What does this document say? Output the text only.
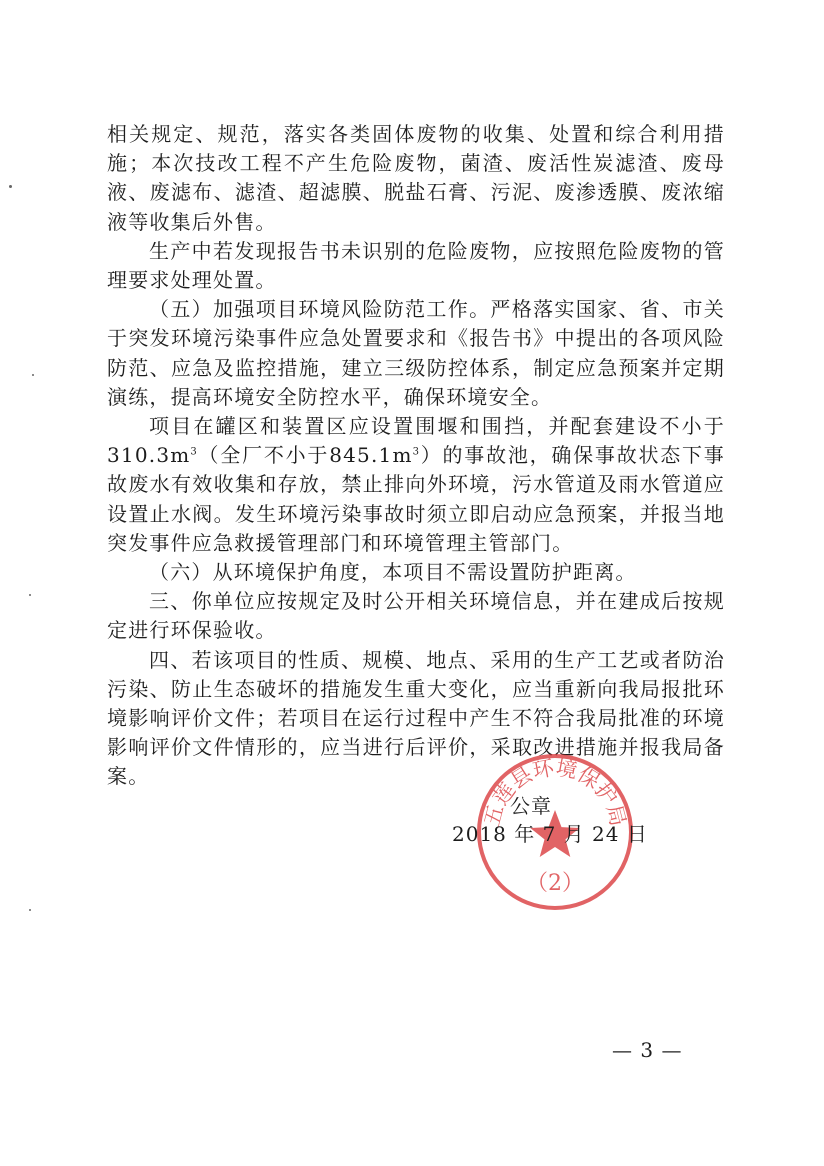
相关规定、规范，落实各类固体废物的收集、处置和综合利用措施；本次技改工程不产生危险废物，菌渣、废活性炭滤渣、废母液、废滤布、滤渣、超滤膜、脱盐石膏、污泥、废渗透膜、废浓缩液等收集后外售。

生产中若发现报告书未识别的危险废物，应按照危险废物的管理要求处理处置。

（五）加强项目环境风险防范工作。严格落实国家、省、市关于突发环境污染事件应急处置要求和《报告书》中提出的各项风险防范、应急及监控措施，建立三级防控体系，制定应急预案并定期演练，提高环境安全防控水平，确保环境安全。

项目在罐区和装置区应设置围堰和围挡，并配套建设不小于$310.3m^3$（全厂不小于$845.1m^3$）的事故池，确保事故状态下事故废水有效收集和存放，禁止排向外环境，污水管道及雨水管道应设置止水阀。发生环境污染事故时须立即启动应急预案，并报当地突发事件应急救援管理部门和环境管理主管部门。

（六）从环境保护角度，本项目不需设置防护距离。

三、你单位应按规定及时公开相关环境信息，并在建成后按规定进行环保验收。

四、若该项目的性质、规模、地点、采用的生产工艺或者防治污染、防止生态破坏的措施发生重大变化，应当重新向我局报批环境影响评价文件；若项目在运行过程中产生不符合我局批准的环境影响评价文件情形的，应当进行后评价，采取改进措施并报我局备案。

五莲县环境保护局
（2）
公章
2018 年 7 月 24 日
— 3 —
